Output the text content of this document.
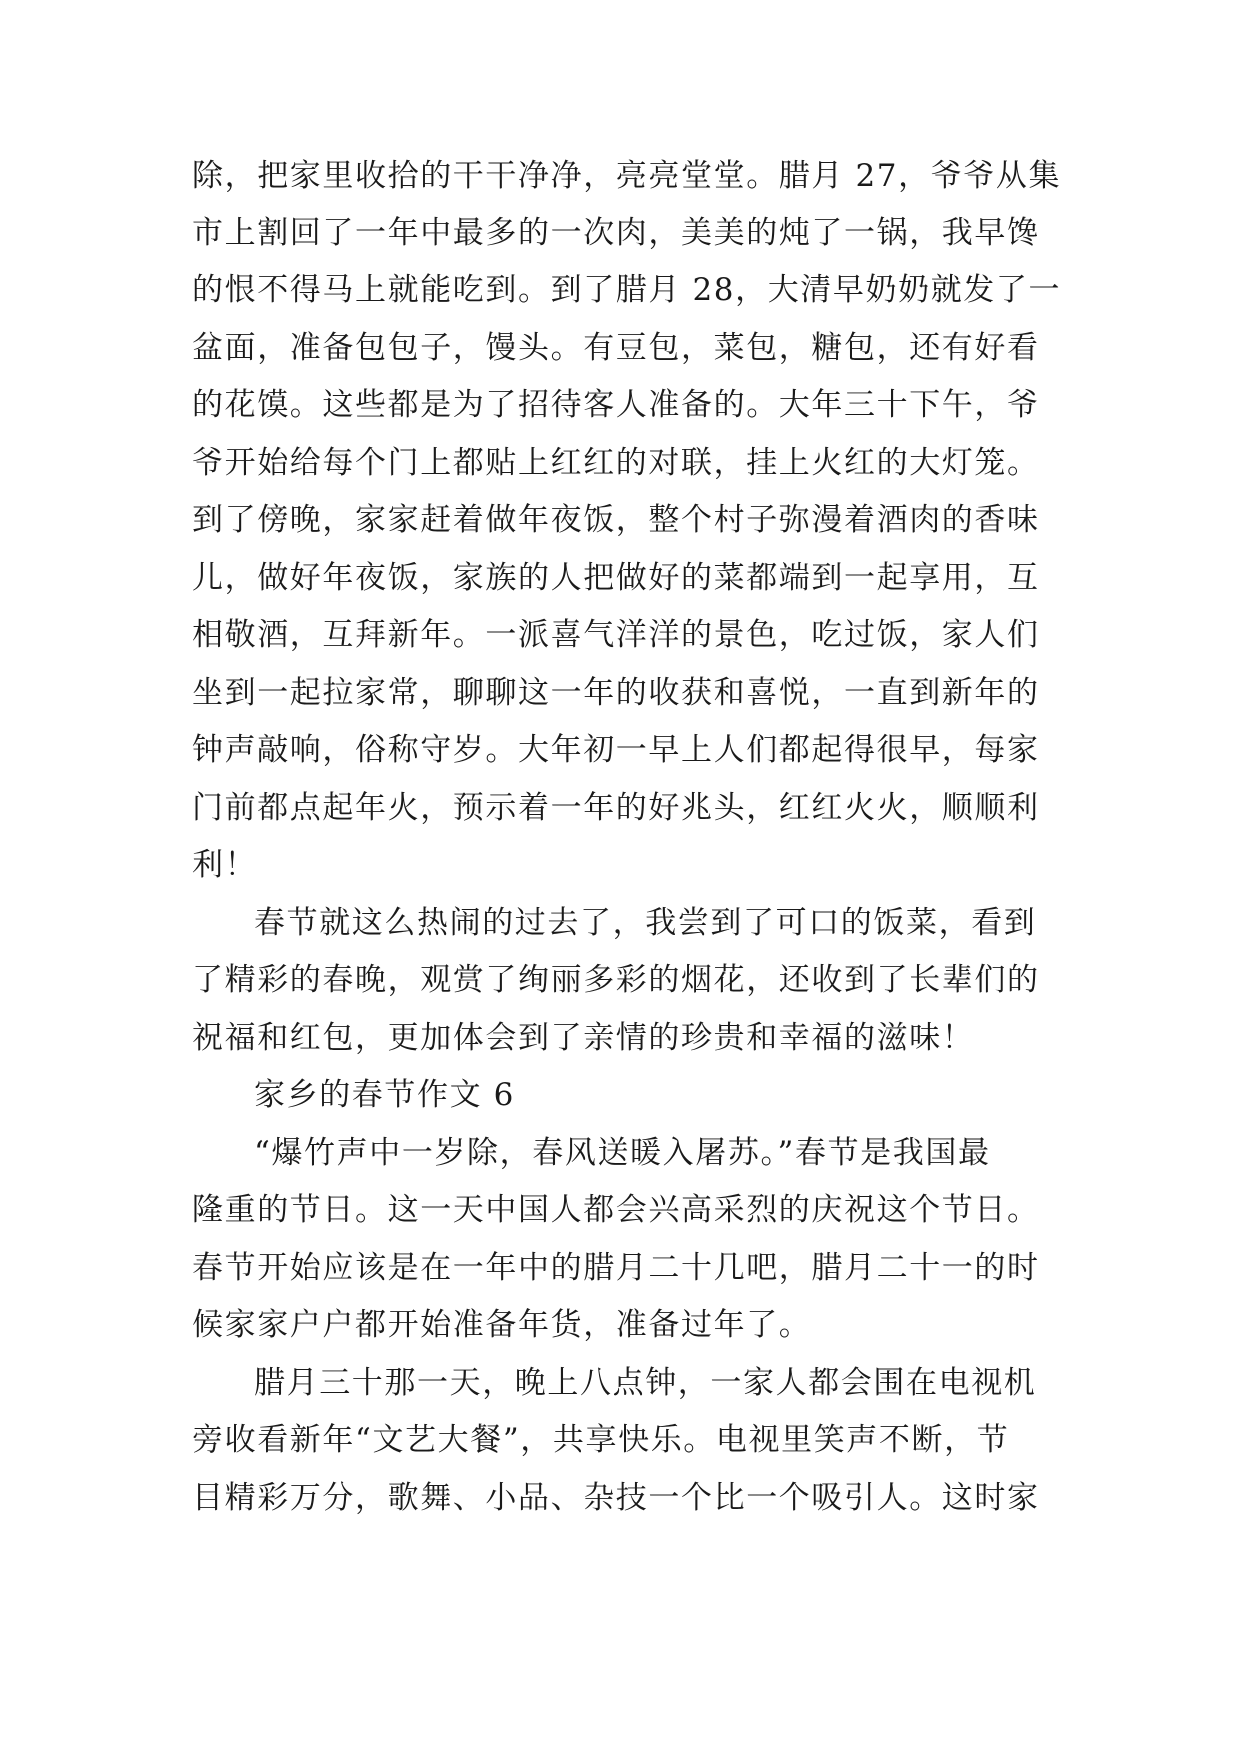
除，把家里收拾的干干净净，亮亮堂堂。腊月 27，爷爷从集
市上割回了一年中最多的一次肉，美美的炖了一锅，我早馋
的恨不得马上就能吃到。到了腊月 28，大清早奶奶就发了一
盆面，准备包包子，馒头。有豆包，菜包，糖包，还有好看
的花馍。这些都是为了招待客人准备的。大年三十下午，爷
爷开始给每个门上都贴上红红的对联，挂上火红的大灯笼。
到了傍晚，家家赶着做年夜饭，整个村子弥漫着酒肉的香味
儿，做好年夜饭，家族的人把做好的菜都端到一起享用，互
相敬酒，互拜新年。一派喜气洋洋的景色，吃过饭，家人们
坐到一起拉家常，聊聊这一年的收获和喜悦，一直到新年的
钟声敲响，俗称守岁。大年初一早上人们都起得很早，每家
门前都点起年火，预示着一年的好兆头，红红火火，顺顺利
利！
春节就这么热闹的过去了，我尝到了可口的饭菜，看到
了精彩的春晚，观赏了绚丽多彩的烟花，还收到了长辈们的
祝福和红包，更加体会到了亲情的珍贵和幸福的滋味！
家乡的春节作文 6
“爆竹声中一岁除，春风送暖入屠苏。”春节是我国最
隆重的节日。这一天中国人都会兴高采烈的庆祝这个节日。
春节开始应该是在一年中的腊月二十几吧，腊月二十一的时
候家家户户都开始准备年货，准备过年了。
腊月三十那一天，晚上八点钟，一家人都会围在电视机
旁收看新年“文艺大餐”，共享快乐。电视里笑声不断，节
目精彩万分，歌舞、小品、杂技一个比一个吸引人。这时家
